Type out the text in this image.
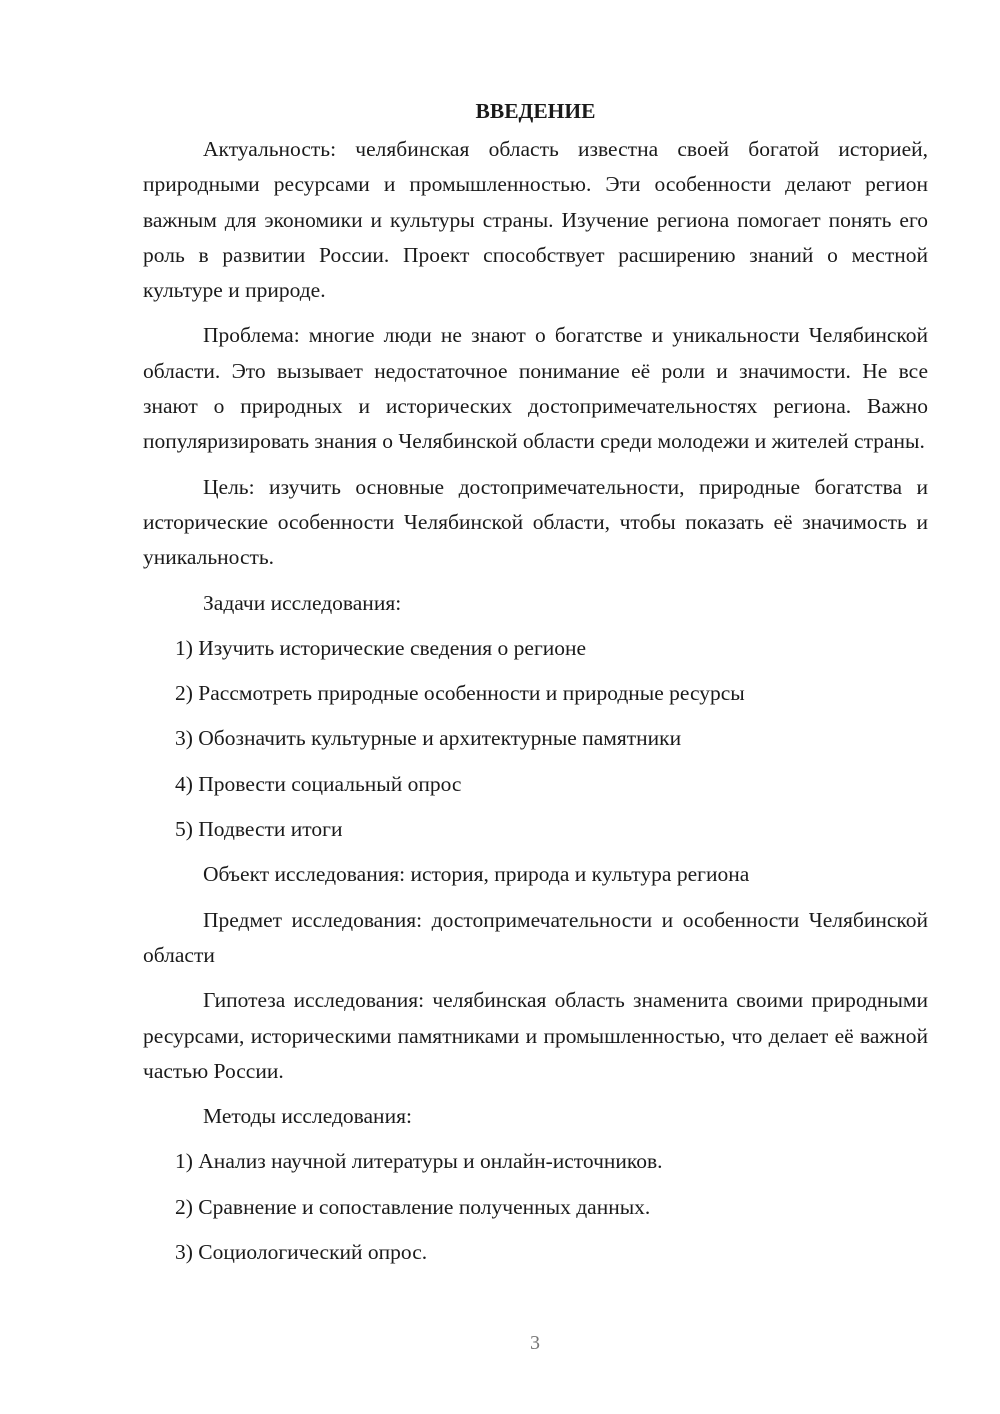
ВВЕДЕНИЕ

Актуальность: челябинская область известна своей богатой историей, природными ресурсами и промышленностью. Эти особенности делают регион важным для экономики и культуры страны. Изучение региона помогает понять его роль в развитии России. Проект способствует расширению знаний о местной культуре и природе.

Проблема: многие люди не знают о богатстве и уникальности Челябинской области. Это вызывает недостаточное понимание её роли и значимости. Не все знают о природных и исторических достопримечательностях региона. Важно популяризировать знания о Челябинской области среди молодежи и жителей страны.

Цель: изучить основные достопримечательности, природные богатства и исторические особенности Челябинской области, чтобы показать её значимость и уникальность.

Задачи исследования:

1) Изучить исторические сведения о регионе
2) Рассмотреть природные особенности и природные ресурсы
3) Обозначить культурные и архитектурные памятники
4) Провести социальный опрос
5) Подвести итоги

Объект исследования: история, природа и культура региона

Предмет исследования: достопримечательности и особенности Челябинской области

Гипотеза исследования: челябинская область знаменита своими природными ресурсами, историческими памятниками и промышленностью, что делает её важной частью России.

Методы исследования:

1) Анализ научной литературы и онлайн-источников.
2) Сравнение и сопоставление полученных данных.
3) Социологический опрос.
3
